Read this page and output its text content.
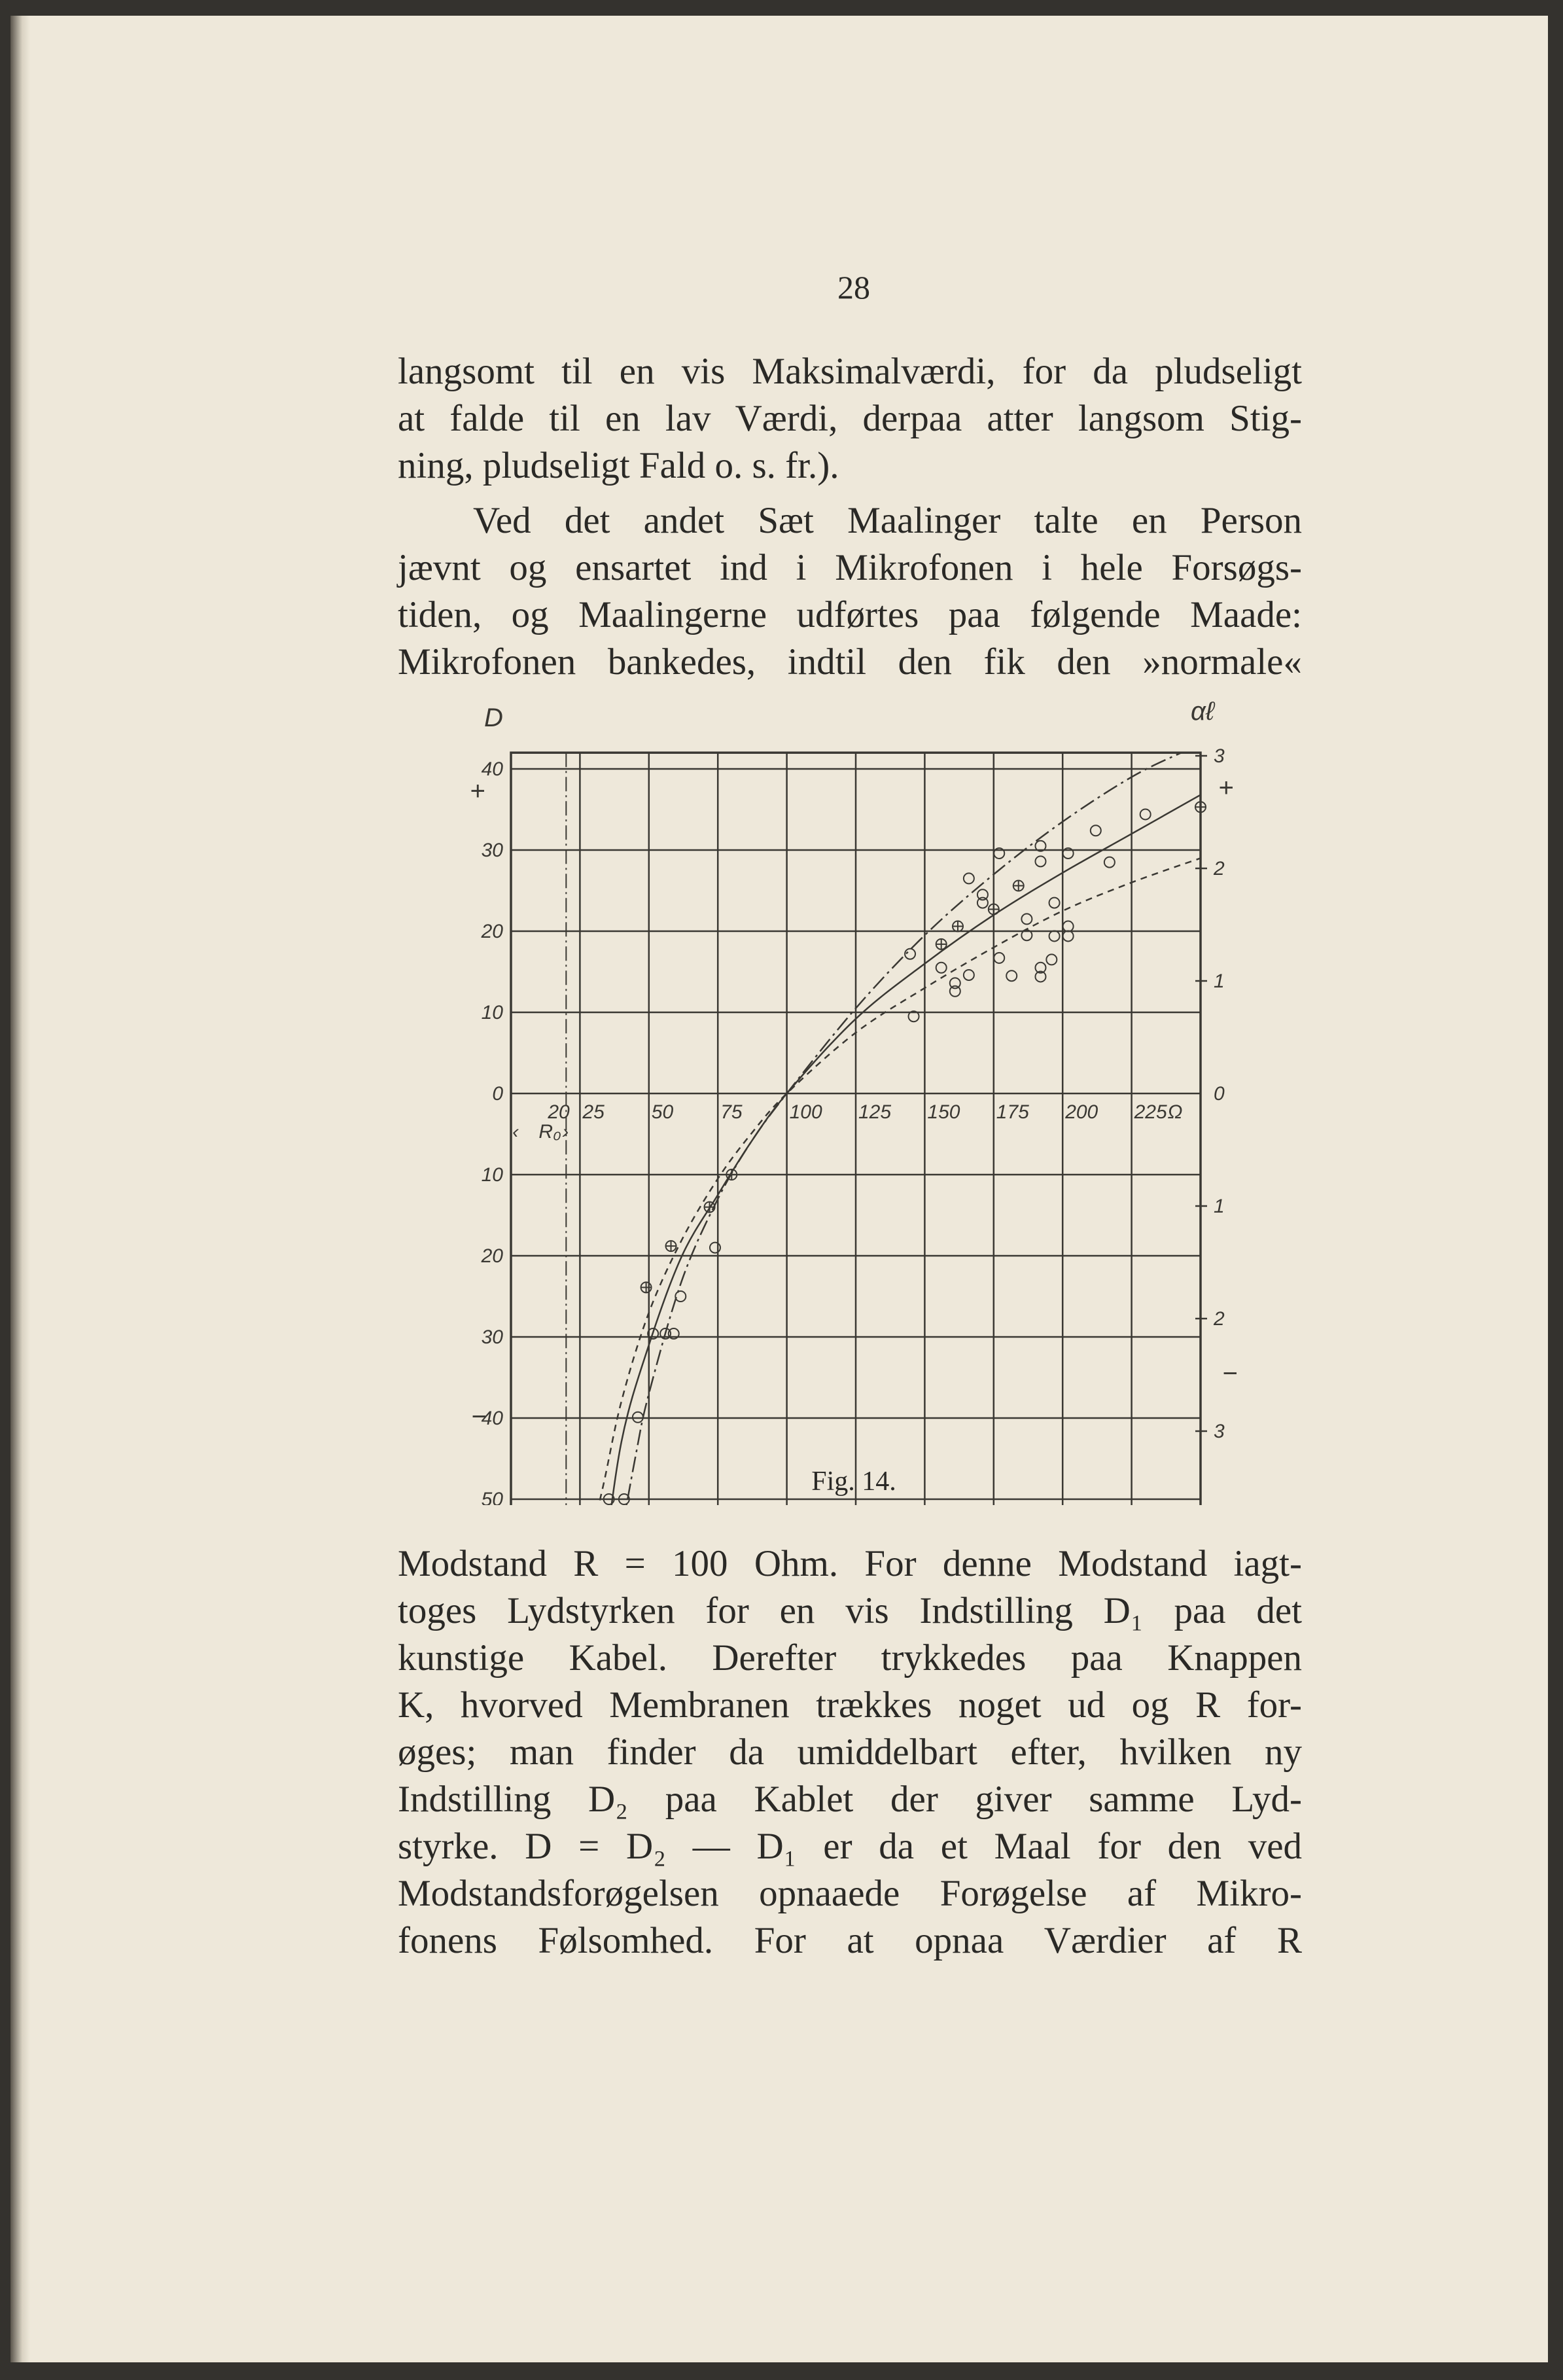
28
langsomt til en vis Maksimalværdi, for da pludseligt
at falde til en lav Værdi, derpaa atter langsom Stig-
ning, pludseligt Fald o. s. fr.).
Ved det andet Sæt Maalinger talte en Person
jævnt og ensartet ind i Mikrofonen i hele Forsøgs-
tiden, og Maalingerne udførtes paa følgende Maade:
Mikrofonen bankedes, indtil den fik den »normale«
R₀
‹ ›
40
30
20
10
0
10
20
30
40
50
D
+
−
3
2
1
0
1
2
3
αℓ
+
−
20 25 50 75 100 125 150 175 200 225 Ω
Fig. 14.
Modstand R = 100 Ohm. For denne Modstand iagt-
toges Lydstyrken for en vis Indstilling D₁ paa det
kunstige Kabel. Derefter trykkedes paa Knappen
K, hvorved Membranen trækkes noget ud og R for-
øges; man finder da umiddelbart efter, hvilken ny
Indstilling D₂ paa Kablet der giver samme Lyd-
styrke. D = D₂ — D₁ er da et Maal for den ved
Modstandsforøgelsen opnaaede Forøgelse af Mikro-
fonens Følsomhed. For at opnaa Værdier af R
